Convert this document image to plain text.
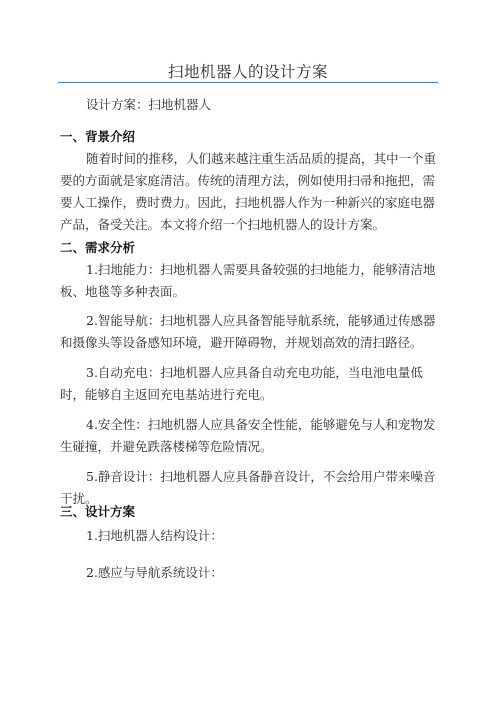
扫地机器人的设计方案
设计方案：扫地机器人
一、背景介绍
随着时间的推移，人们越来越注重生活品质的提高，其中一个重要的方面就是家庭清洁。传统的清理方法，例如使用扫帚和拖把，需要人工操作，费时费力。因此，扫地机器人作为一种新兴的家庭电器产品，备受关注。本文将介绍一个扫地机器人的设计方案。
二、需求分析
1.扫地能力：扫地机器人需要具备较强的扫地能力，能够清洁地板、地毯等多种表面。
2.智能导航：扫地机器人应具备智能导航系统，能够通过传感器和摄像头等设备感知环境，避开障碍物，并规划高效的清扫路径。
3.自动充电：扫地机器人应具备自动充电功能，当电池电量低时，能够自主返回充电基站进行充电。
4.安全性：扫地机器人应具备安全性能，能够避免与人和宠物发生碰撞，并避免跌落楼梯等危险情况。
5.静音设计：扫地机器人应具备静音设计，不会给用户带来噪音干扰。
三、设计方案
1.扫地机器人结构设计：
2.感应与导航系统设计：
